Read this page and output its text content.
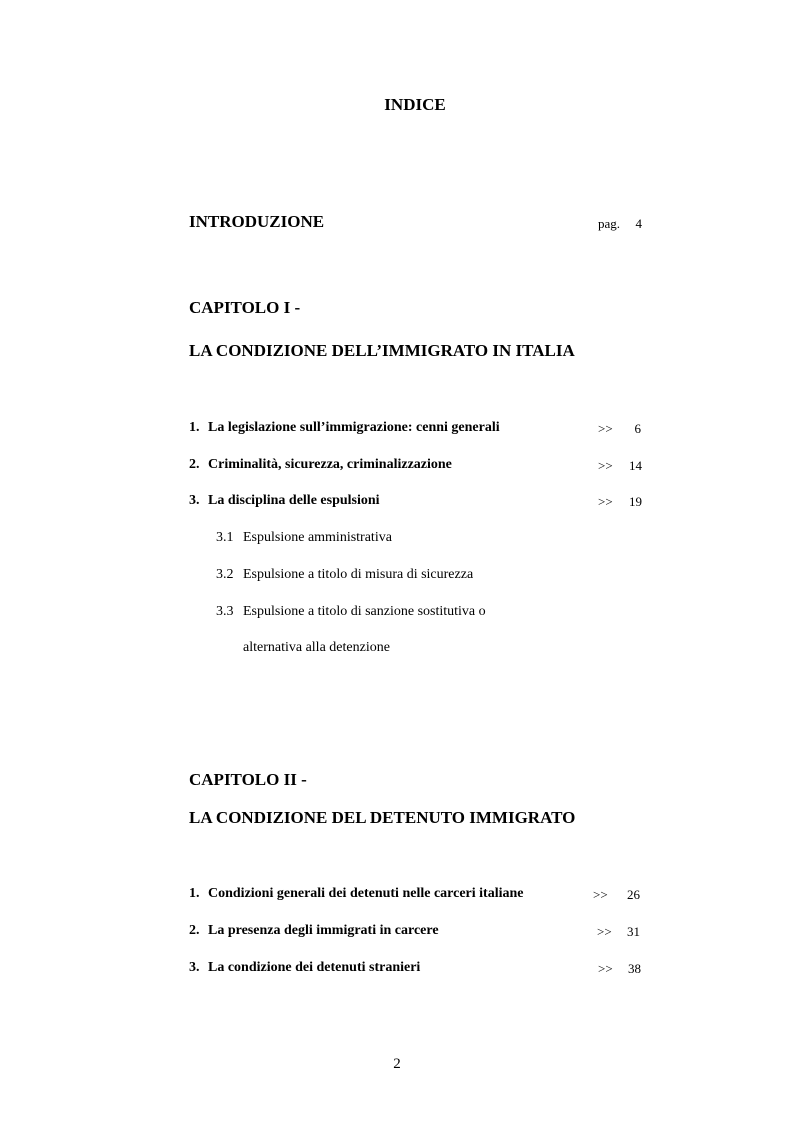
INDICE
INTRODUZIONE	pag.	4
CAPITOLO I -
LA CONDIZIONE DELL’IMMIGRATO IN ITALIA
1. La legislazione sull’immigrazione: cenni generali	>>	6
2. Criminalità, sicurezza, criminalizzazione	>>	14
3. La disciplina delle espulsioni	>>	19
3.1 Espulsione amministrativa
3.2 Espulsione a titolo di misura di sicurezza
3.3 Espulsione a titolo di sanzione sostitutiva o
alternativa alla detenzione
CAPITOLO II -
LA CONDIZIONE DEL DETENUTO IMMIGRATO
1. Condizioni generali dei detenuti nelle carceri italiane	>>	26
2. La presenza degli immigrati in carcere	>>	31
3. La condizione dei detenuti stranieri	>>	38
2
